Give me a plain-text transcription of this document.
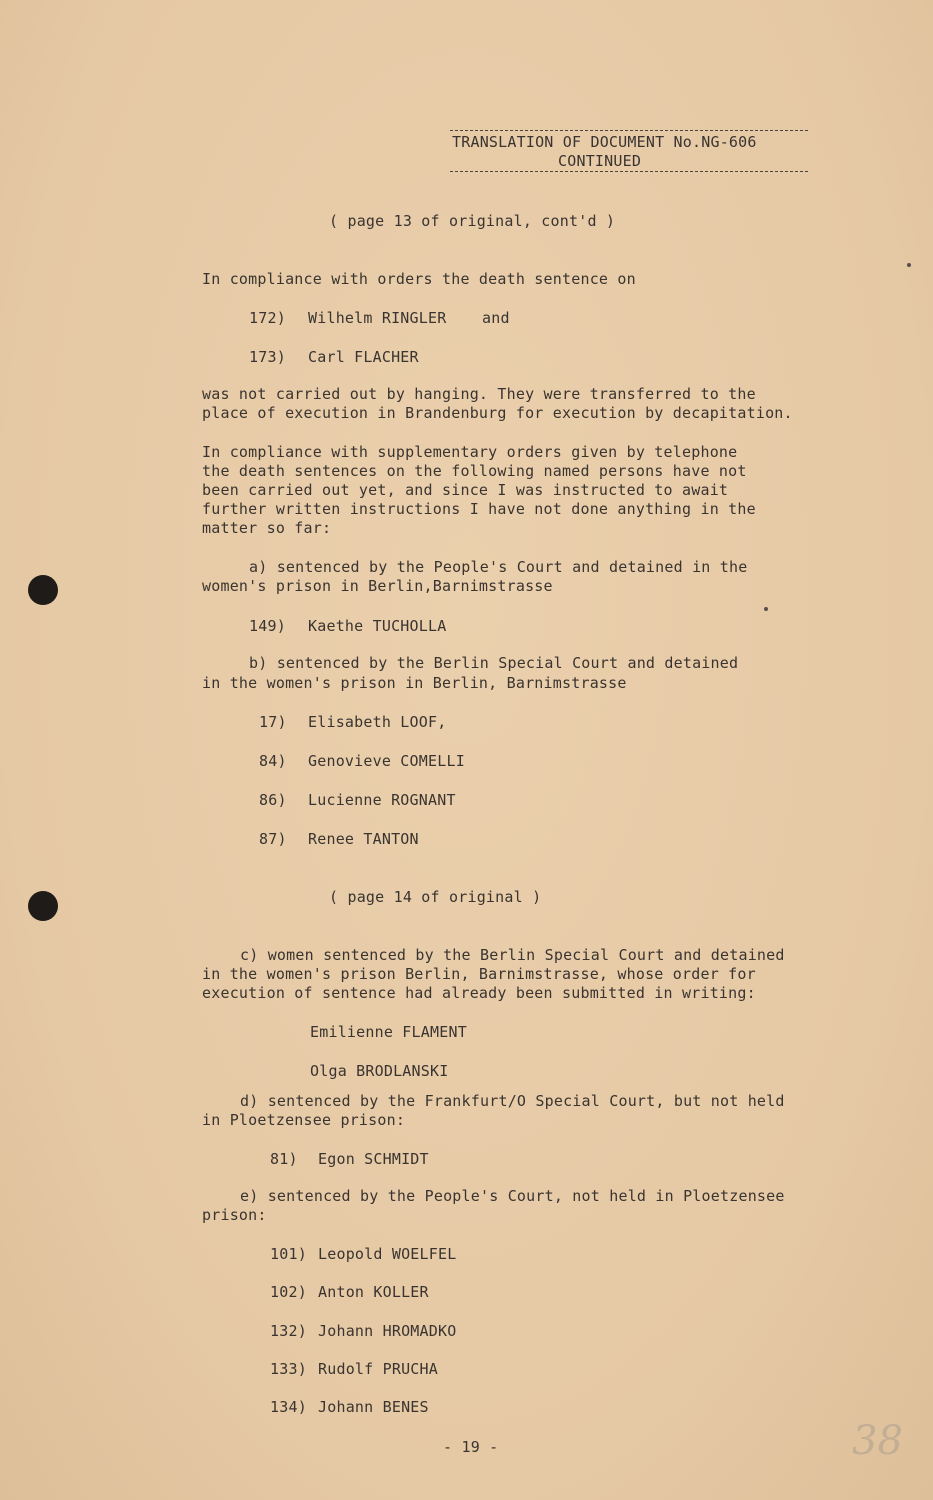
TRANSLATION OF DOCUMENT No.NG-606
CONTINUED
( page 13 of original, cont'd )
In compliance with orders the death sentence on
172) Wilhelm RINGLER and
173) Carl FLACHER
was not carried out by hanging. They were transferred to the
place of execution in Brandenburg for execution by decapitation.
In compliance with supplementary orders given by telephone
the death sentences on the following named persons have not
been carried out yet, and since I was instructed to await
further written instructions I have not done anything in the
matter so far:
a) sentenced by the People's Court and detained in the
women's prison in Berlin,Barnimstrasse
149) Kaethe TUCHOLLA
b) sentenced by the Berlin Special Court and detained
in the women's prison in Berlin, Barnimstrasse
17) Elisabeth LOOF,
84) Genovieve COMELLI
86) Lucienne ROGNANT
87) Renee TANTON
( page 14 of original )
c) women sentenced by the Berlin Special Court and detained
in the women's prison Berlin, Barnimstrasse, whose order for
execution of sentence had already been submitted in writing:
Emilienne FLAMENT
Olga BRODLANSKI
d) sentenced by the Frankfurt/O Special Court, but not held
in Ploetzensee prison:
81) Egon SCHMIDT
e) sentenced by the People's Court, not held in Ploetzensee
prison:
101) Leopold WOELFEL
102) Anton KOLLER
132) Johann HROMADKO
133) Rudolf PRUCHA
134) Johann BENES
- 19 -	38
